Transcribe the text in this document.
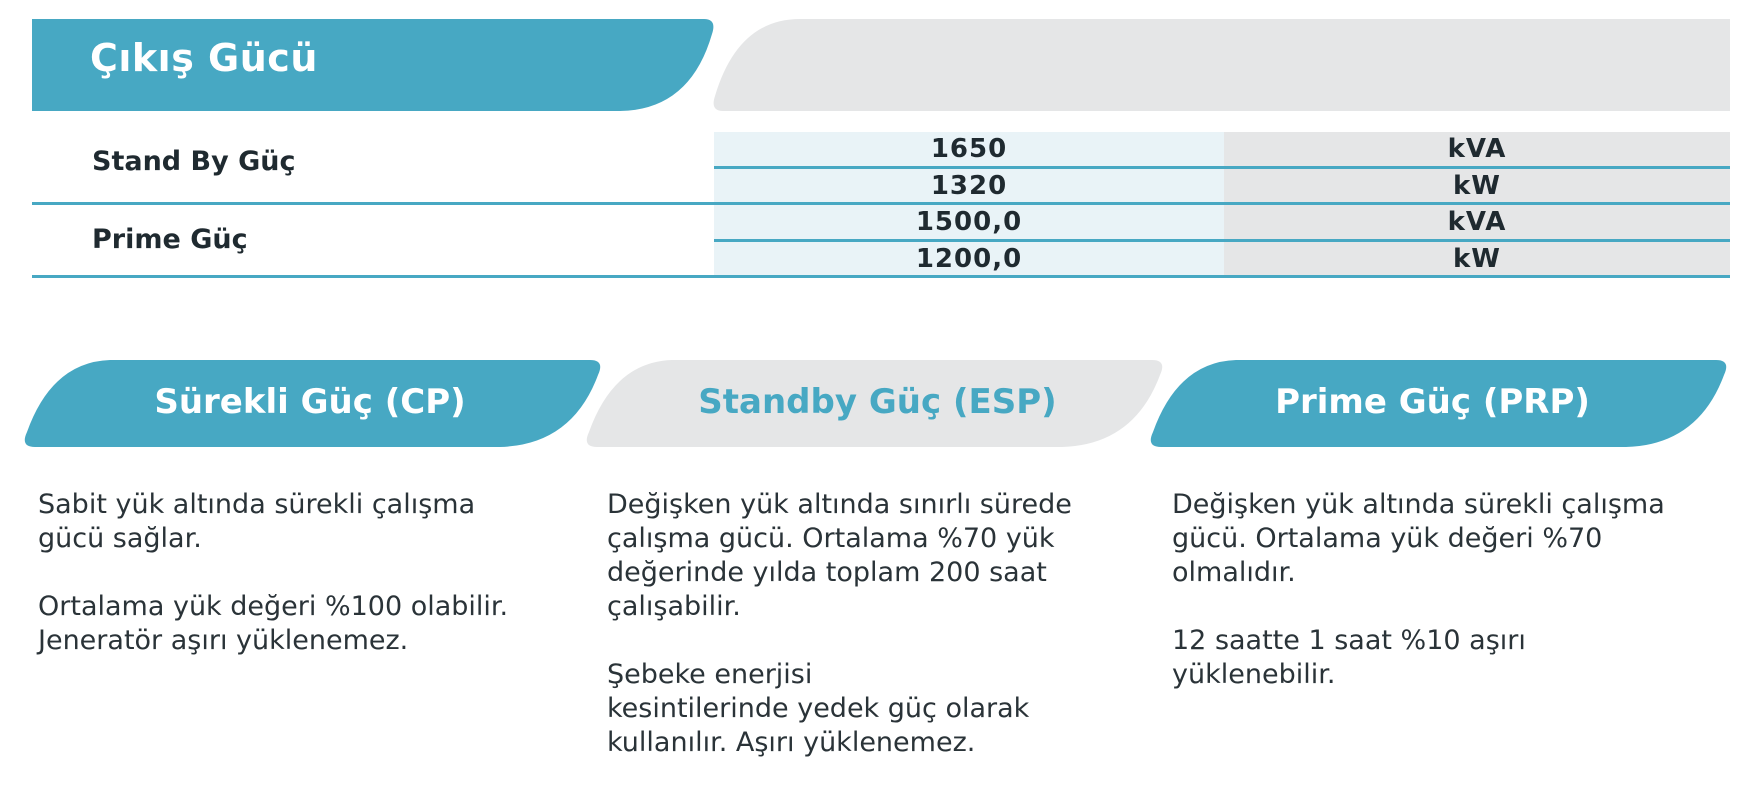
Çıkış Gücü
Stand By Güç	1650	kVA
1320	kW
Prime Güç
1500,0	kVA
1200,0	kW
Sürekli Güç (CP)	Standby Güç (ESP)	Prime Güç (PRP)
Sabit yük altında sürekli çalışma
gücü sağlar.
Ortalama yük değeri %100 olabilir.
Jeneratör aşırı yüklenemez.
Değişken yük altında sınırlı sürede
çalışma gücü. Ortalama %70 yük
değerinde yılda toplam 200 saat
çalışabilir.
Şebeke enerjisi
kesintilerinde yedek güç olarak
kullanılır. Aşırı yüklenemez.
Değişken yük altında sürekli çalışma
gücü. Ortalama yük değeri %70
olmalıdır.
12 saatte 1 saat %10 aşırı
yüklenebilir.
